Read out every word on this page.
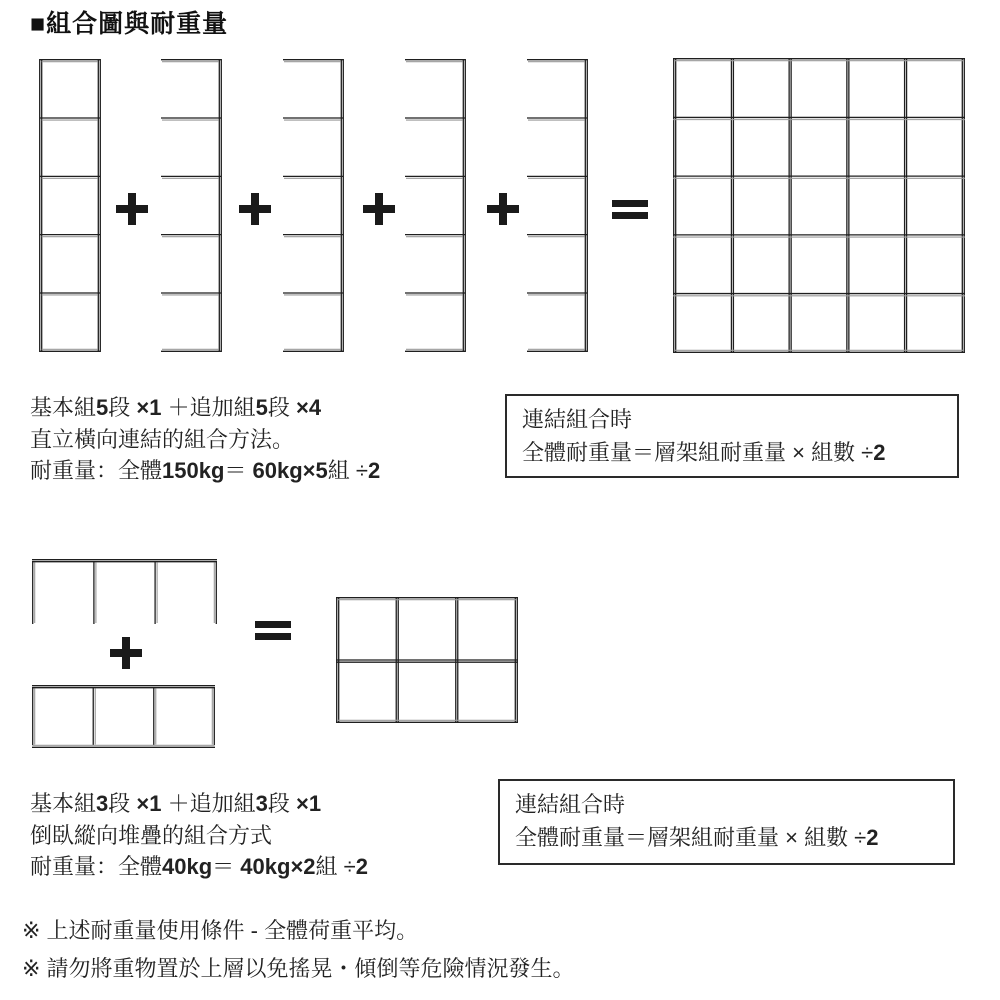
■組合圖與耐重量

基本組5段 ×1 ＋追加組5段 ×4

直立橫向連結的組合方法。

耐重量：全體150kg＝ 60kg×5組 ÷2

連結組合時

全體耐重量＝層架組耐重量 × 組數 ÷2

基本組3段 ×1 ＋追加組3段 ×1

倒臥縱向堆疊的組合方式

耐重量：全體40kg＝ 40kg×2組 ÷2

連結組合時

全體耐重量＝層架組耐重量 × 組數 ÷2

※ 上述耐重量使用條件 - 全體荷重平均。

※ 請勿將重物置於上層以免搖晃・傾倒等危險情況發生。
